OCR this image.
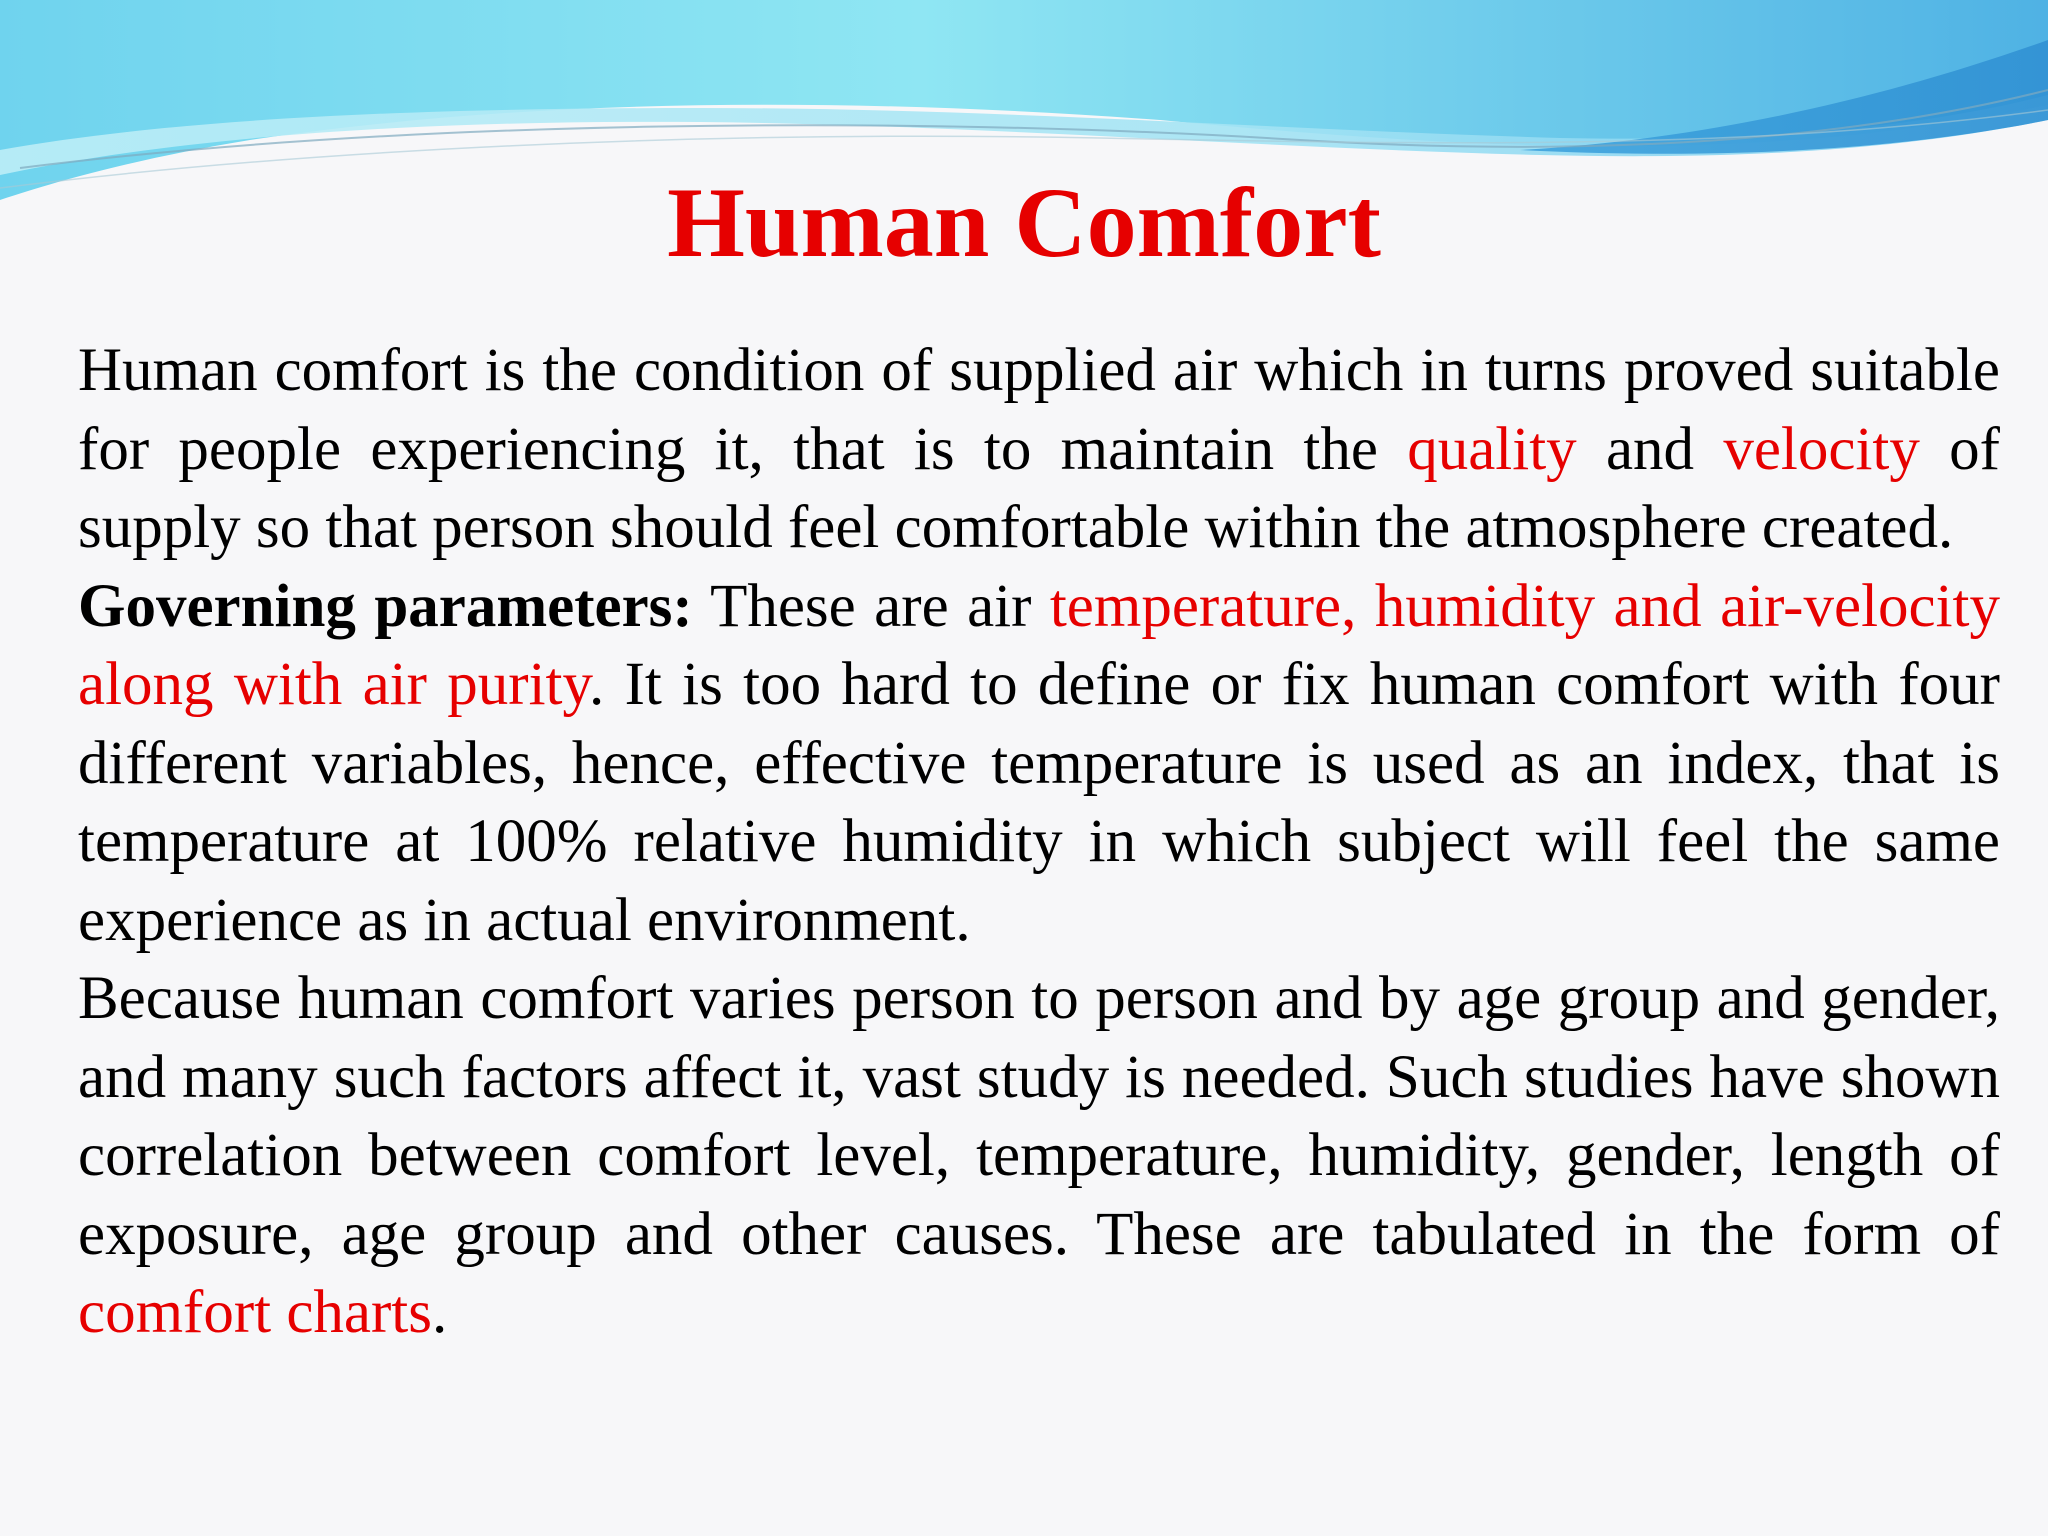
Human Comfort

Human comfort is the condition of supplied air which in turns proved suitable for people experiencing it, that is to maintain the quality and velocity of supply so that person should feel comfortable within the atmosphere created.

Governing parameters: These are air temperature, humidity and air-velocity along with air purity. It is too hard to define or fix human comfort with four different variables, hence, effective temperature is used as an index, that is temperature at 100% relative humidity in which subject will feel the same experience as in actual environment.

Because human comfort varies person to person and by age group and gender, and many such factors affect it, vast study is needed. Such studies have shown correlation between comfort level, temperature, humidity, gender, length of exposure, age group and other causes. These are tabulated in the form of comfort charts.
